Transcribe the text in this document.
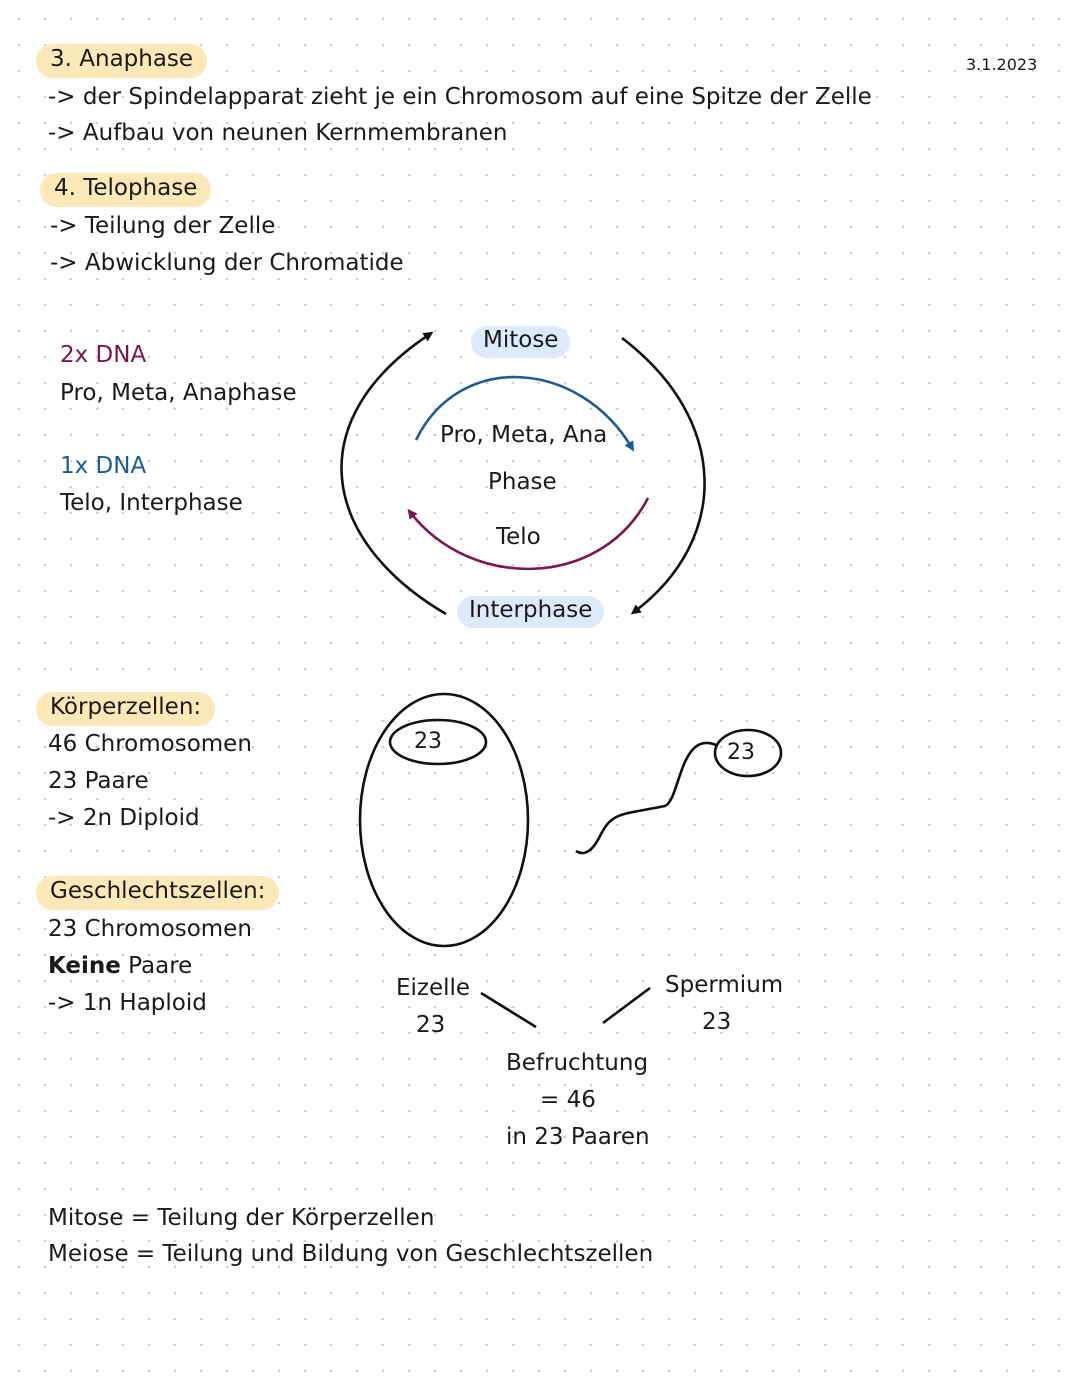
3.1.2023
3. Anaphase
-> der Spindelapparat zieht je ein Chromosom auf eine Spitze der Zelle
-> Aufbau von neunen Kernmembranen
4. Telophase
-> Teilung der Zelle
-> Abwicklung der Chromatide
2x DNA
Pro, Meta, Anaphase
1x DNA
Telo, Interphase
Mitose
Interphase
Pro, Meta, Ana
Phase
Telo
Körperzellen:
46 Chromosomen
23 Paare
-> 2n Diploid
Geschlechtszellen:
23 Chromosomen
Keine Paare
-> 1n Haploid
23	23
Eizelle
23
Spermium
23
Befruchtung
= 46
in 23 Paaren
Mitose = Teilung der Körperzellen
Meiose = Teilung und Bildung von Geschlechtszellen
